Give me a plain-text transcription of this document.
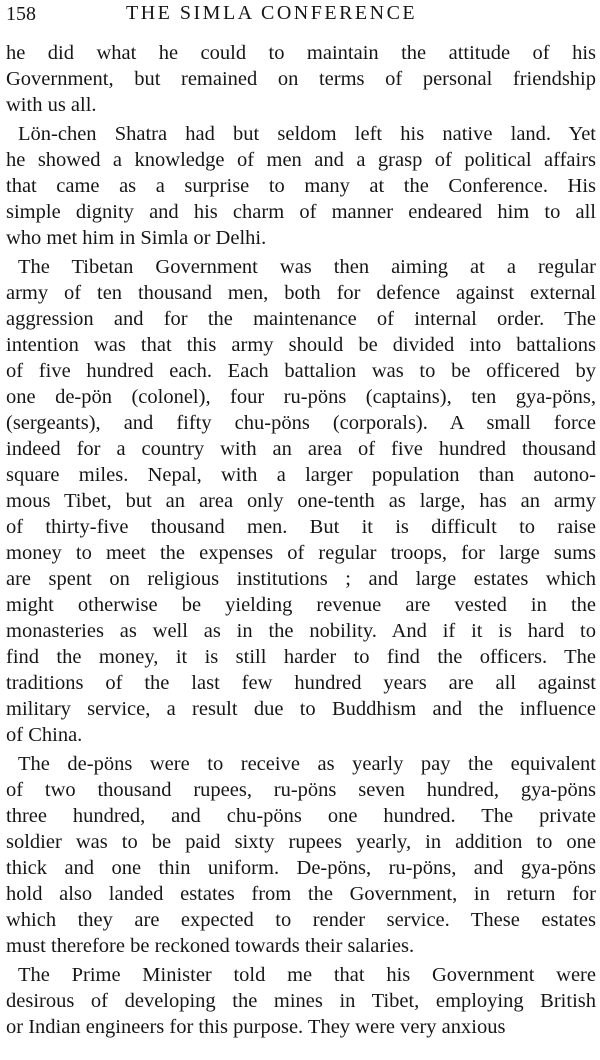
158	THE SIMLA CONFERENCE
he did what he could to maintain the attitude of his
Government, but remained on terms of personal friendship
with us all.
Lön-chen Shatra had but seldom left his native land. Yet
he showed a knowledge of men and a grasp of political affairs
that came as a surprise to many at the Conference. His
simple dignity and his charm of manner endeared him to all
who met him in Simla or Delhi.
The Tibetan Government was then aiming at a regular
army of ten thousand men, both for defence against external
aggression and for the maintenance of internal order. The
intention was that this army should be divided into battalions
of five hundred each. Each battalion was to be officered by
one de-pön (colonel), four ru-pöns (captains), ten gya-pöns,
(sergeants), and fifty chu-pöns (corporals). A small force
indeed for a country with an area of five hundred thousand
square miles. Nepal, with a larger population than autono-
mous Tibet, but an area only one-tenth as large, has an army
of thirty-five thousand men. But it is difficult to raise
money to meet the expenses of regular troops, for large sums
are spent on religious institutions ; and large estates which
might otherwise be yielding revenue are vested in the
monasteries as well as in the nobility. And if it is hard to
find the money, it is still harder to find the officers. The
traditions of the last few hundred years are all against
military service, a result due to Buddhism and the influence
of China.
The de-pöns were to receive as yearly pay the equivalent
of two thousand rupees, ru-pöns seven hundred, gya-pöns
three hundred, and chu-pöns one hundred. The private
soldier was to be paid sixty rupees yearly, in addition to one
thick and one thin uniform. De-pöns, ru-pöns, and gya-pöns
hold also landed estates from the Government, in return for
which they are expected to render service. These estates
must therefore be reckoned towards their salaries.
The Prime Minister told me that his Government were
desirous of developing the mines in Tibet, employing British
or Indian engineers for this purpose. They were very anxious
